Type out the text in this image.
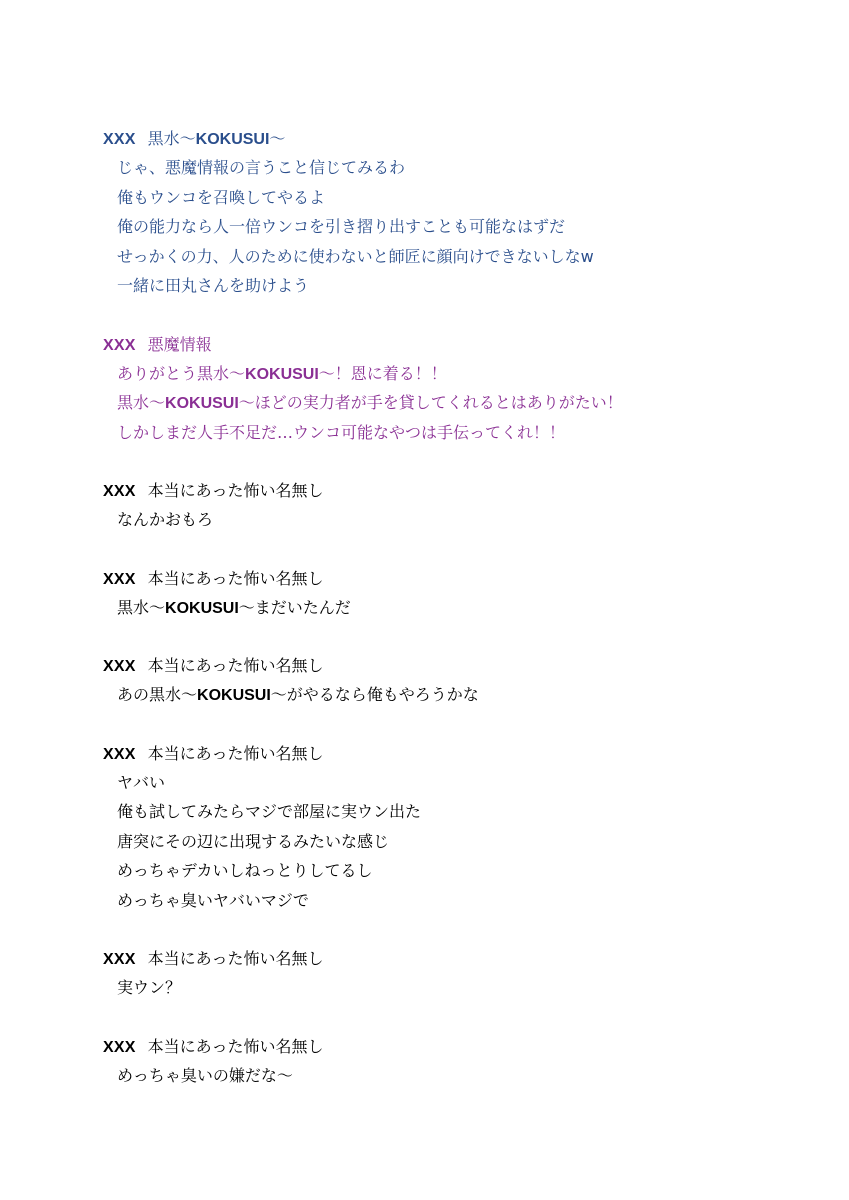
XXX 黒水〜KOKUSUI〜
じゃ、悪魔情報の言うこと信じてみるわ
俺もウンコを召喚してやるよ
俺の能力なら人一倍ウンコを引き摺り出すことも可能なはずだ
せっかくの力、人のために使わないと師匠に顔向けできないしなw
一緒に田丸さんを助けよう
XXX 悪魔情報
ありがとう黒水〜KOKUSUI〜！恩に着る！！
黒水〜KOKUSUI〜ほどの実力者が手を貸してくれるとはありがたい！
しかしまだ人手不足だ…ウンコ可能なやつは手伝ってくれ！！
XXX 本当にあった怖い名無し
なんかおもろ
XXX 本当にあった怖い名無し
黒水〜KOKUSUI〜まだいたんだ
XXX 本当にあった怖い名無し
あの黒水〜KOKUSUI〜がやるなら俺もやろうかな
XXX 本当にあった怖い名無し
ヤバい
俺も試してみたらマジで部屋に実ウン出た
唐突にその辺に出現するみたいな感じ
めっちゃデカいしねっとりしてるし
めっちゃ臭いヤバいマジで
XXX 本当にあった怖い名無し
実ウン？
XXX 本当にあった怖い名無し
めっちゃ臭いの嫌だな〜
